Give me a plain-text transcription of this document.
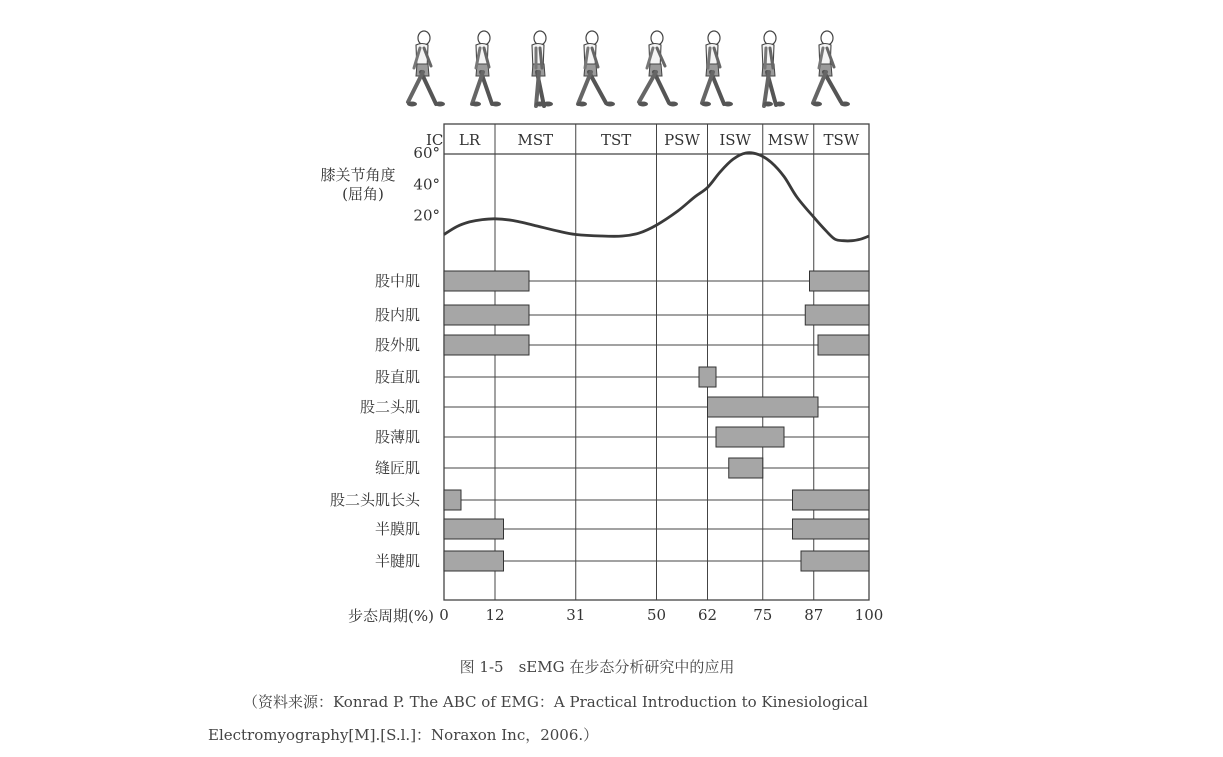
IC LR MST	TST PSW ISW MSW TSW
膝关节角度
(屈角)
20°
40°
60°
股中肌
股内肌
股外肌
股直肌
股二头肌
股薄肌
缝匠肌
股二头肌长头
半膜肌
半腱肌
步态周期(%) 0 12	31	50 62 75 87 100
图 1-5　sEMG 在步态分析研究中的应用
（资料来源：Konrad P. The ABC of EMG：A Practical Introduction to Kinesiological
Electromyography[M].[S.l.]：Noraxon Inc，2006.）
